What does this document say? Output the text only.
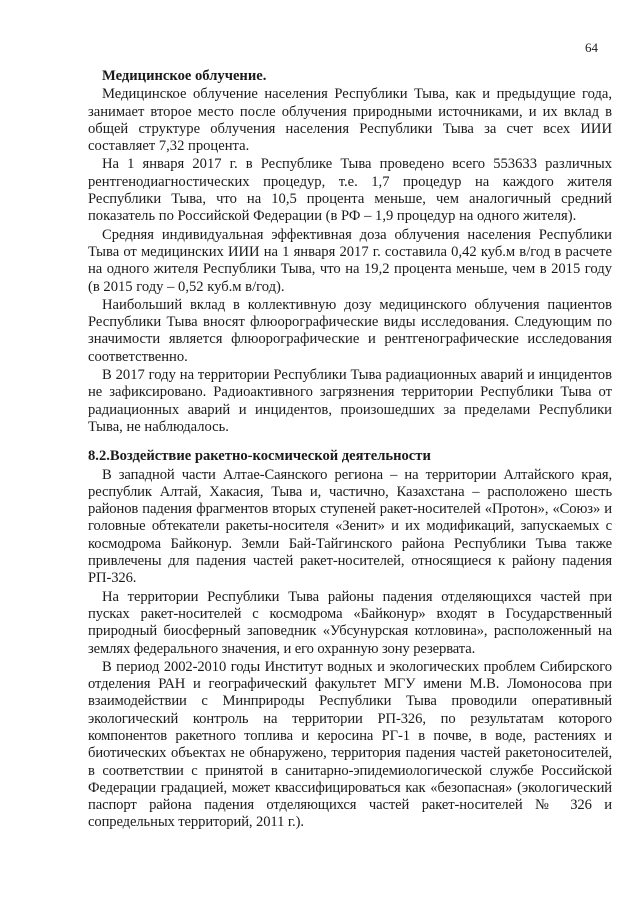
64
Медицинское облучение.

Медицинское облучение населения Республики Тыва, как и предыдущие года, занимает второе место после облучения природными источниками, и их вклад в общей структуре облучения населения Республики Тыва за счет всех ИИИ составляет 7,32 процента.

На 1 января 2017 г. в Республике Тыва проведено всего 553633 различных рентгенодиагностических процедур, т.е. 1,7 процедур на каждого жителя Республики Тыва, что на 10,5 процента меньше, чем аналогичный средний показатель по Российской Федерации (в РФ – 1,9 процедур на одного жителя).

Средняя индивидуальная эффективная доза облучения населения Республики Тыва от медицинских ИИИ на 1 января 2017 г. составила 0,42 куб.м в/год в расчете на одного жителя Республики Тыва, что на 19,2 процента меньше, чем в 2015 году (в 2015 году – 0,52 куб.м в/год).

Наибольший вклад в коллективную дозу медицинского облучения пациентов Республики Тыва вносят флюорографические виды исследования. Следующим по значимости является флюорографические и рентгенографические исследования соответственно.

В 2017 году на территории Республики Тыва радиационных аварий и инцидентов не зафиксировано. Радиоактивного загрязнения территории Республики Тыва от радиационных аварий и инцидентов, произошедших за пределами Республики Тыва, не наблюдалось.

8.2.Воздействие ракетно-космической деятельности

В западной части Алтае-Саянского региона – на территории Алтайского края, республик Алтай, Хакасия, Тыва и, частично, Казахстана – расположено шесть районов падения фрагментов вторых ступеней ракет-носителей «Протон», «Союз» и головные обтекатели ракеты-носителя «Зенит» и их модификаций, запускаемых с космодрома Байконур. Земли Бай-Тайгинского района Республики Тыва также привлечены для падения частей ракет-носителей, относящиеся к району падения РП-326.

На территории Республики Тыва районы падения отделяющихся частей при пусках ракет-носителей с космодрома «Байконур» входят в Государственный природный биосферный заповедник «Убсунурская котловина», расположенный на землях федерального значения, и его охранную зону резервата.

В период 2002-2010 годы Институт водных и экологических проблем Сибирского отделения РАН и географический факультет МГУ имени М.В. Ломоносова при взаимодействии с Минприроды Республики Тыва проводили оперативный экологический контроль на территории РП-326, по результатам которого компонентов ракетного топлива и керосина РГ-1 в почве, в воде, растениях и биотических объектах не обнаружено, территория падения частей ракетоносителей, в соответствии с принятой в санитарно-эпидемиологической службе Российской Федерации градацией, может квассифицироваться как «безопасная» (экологический паспорт района падения отделяющихся частей ракет-носителей № 326 и сопредельных территорий, 2011 г.).
